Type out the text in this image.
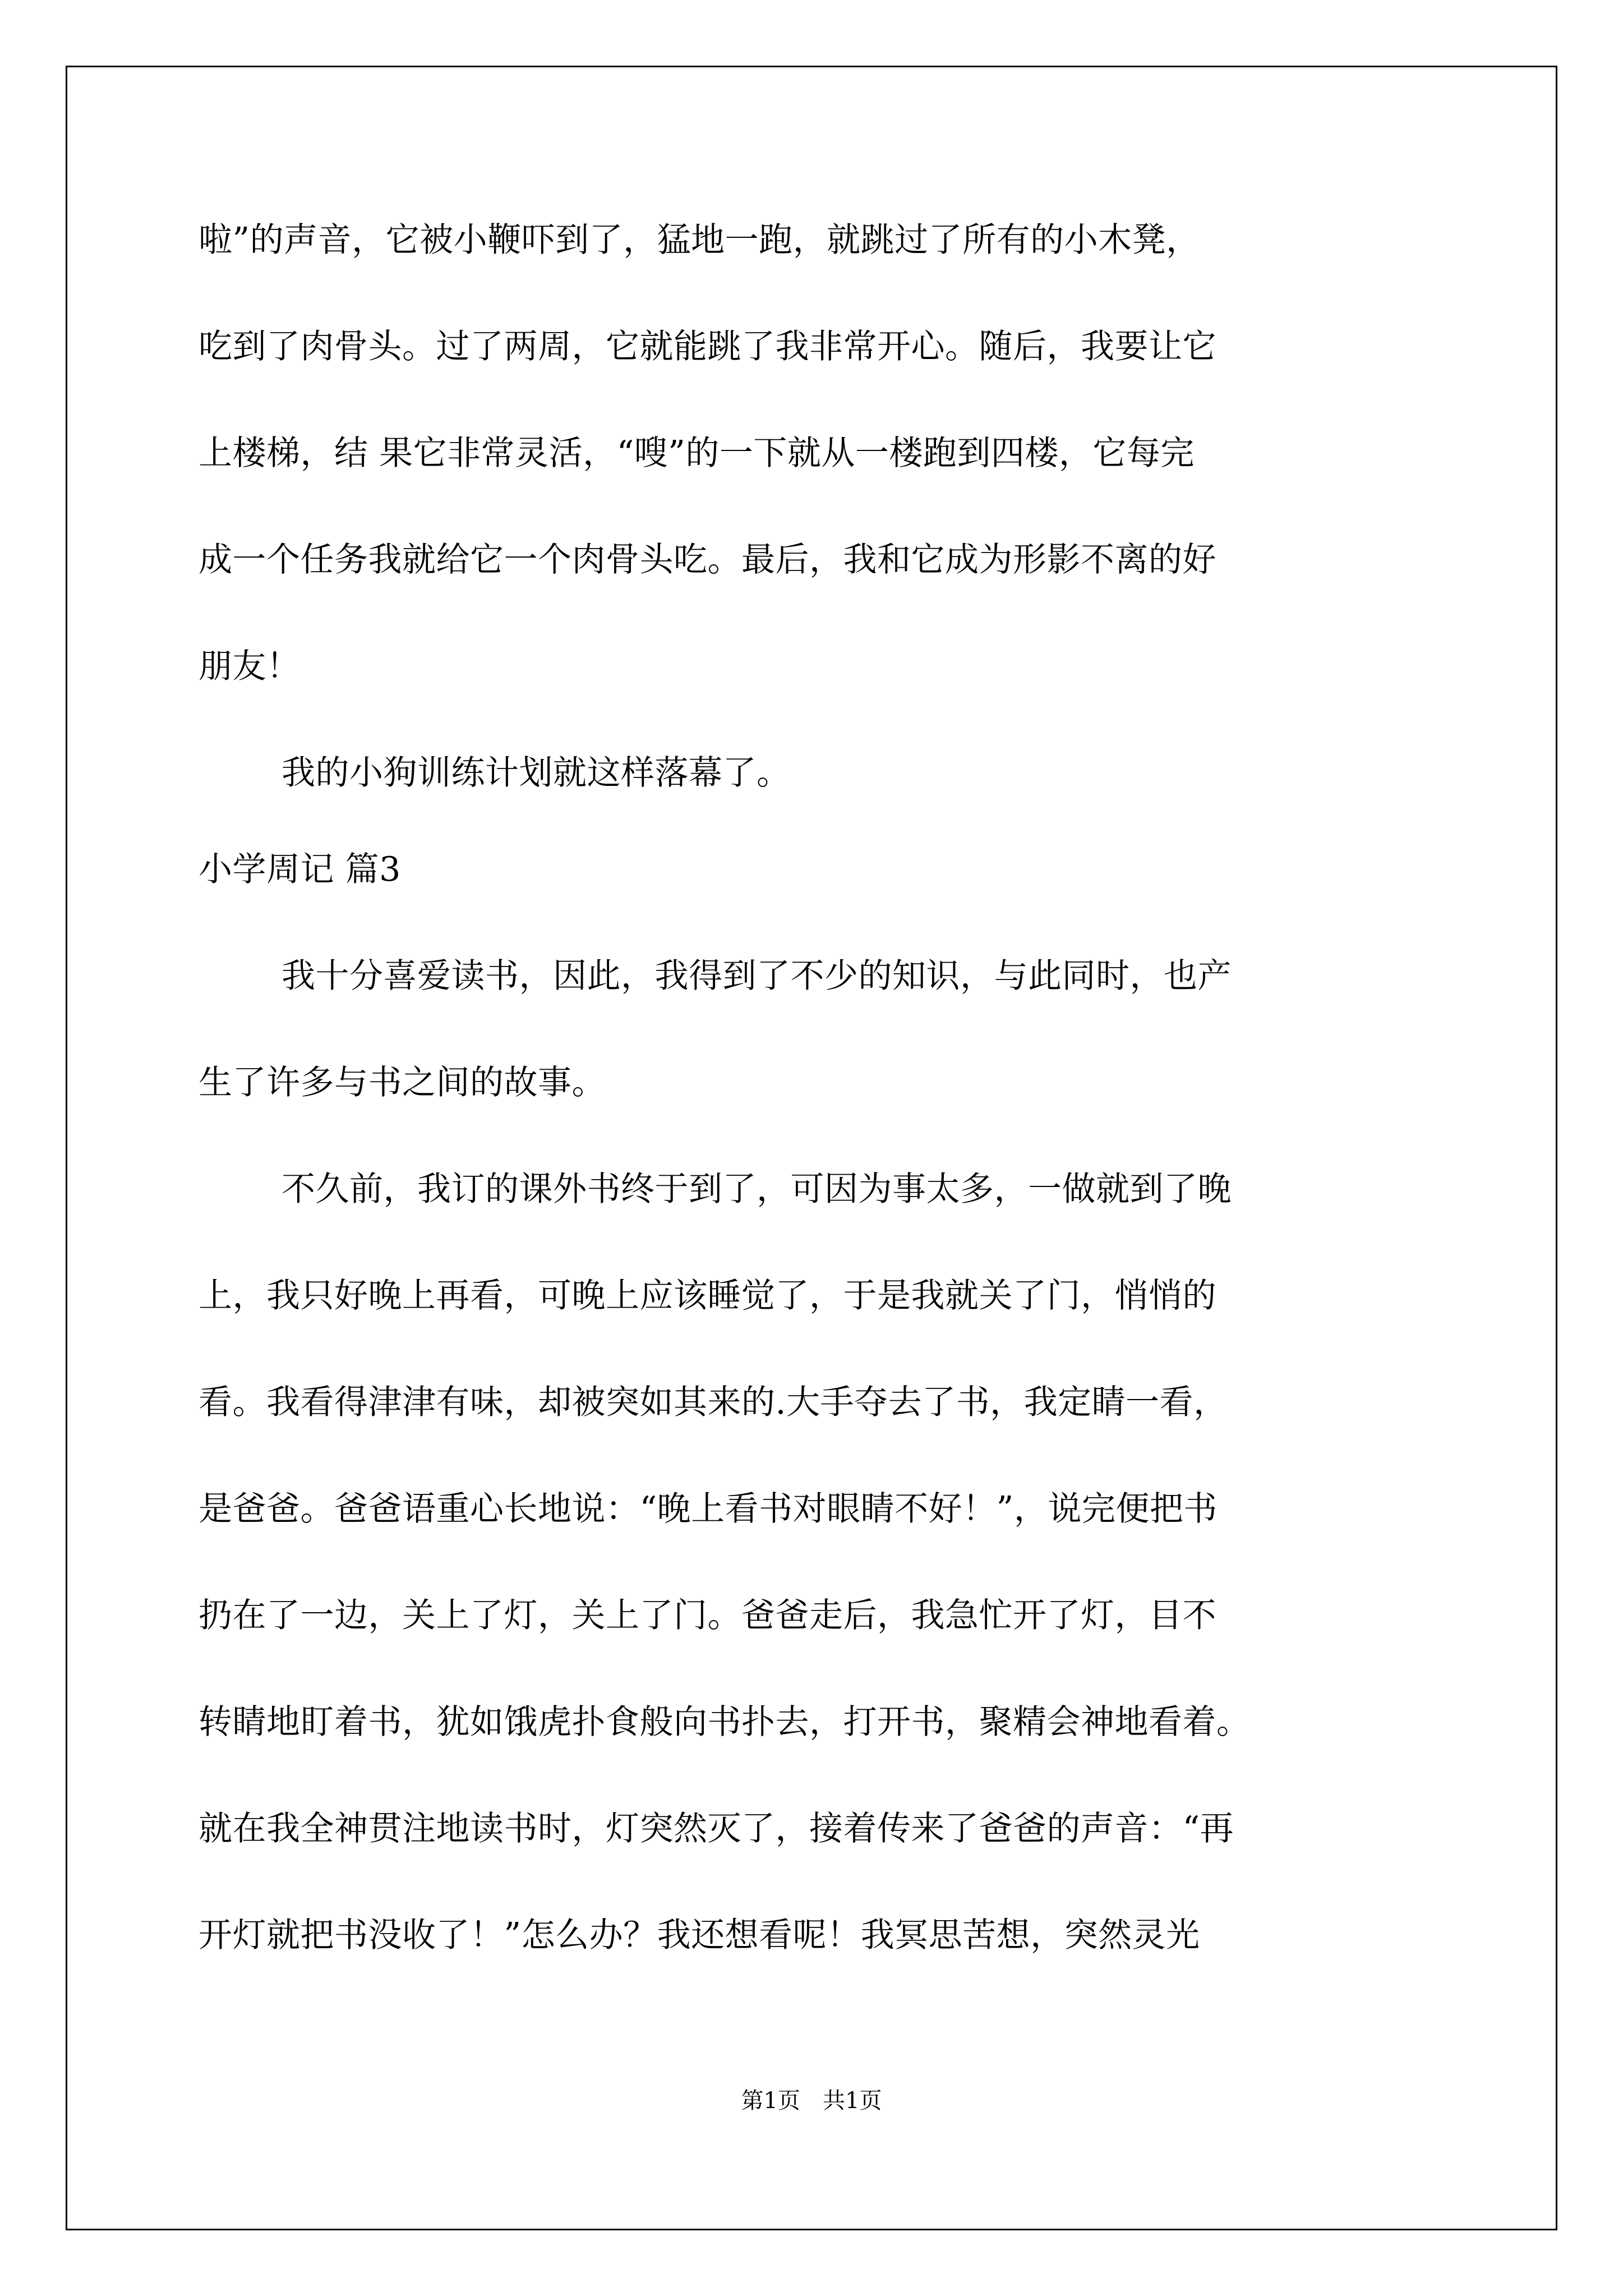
啦”的声音，它被小鞭吓到了，猛地一跑，就跳过了所有的小木凳，
吃到了肉骨头。过了两周，它就能跳了我非常开心。随后，我要让它
上楼梯，结 果它非常灵活，“嗖”的一下就从一楼跑到四楼，它每完
成一个任务我就给它一个肉骨头吃。最后，我和它成为形影不离的好
朋友！
我的小狗训练计划就这样落幕了。
小学周记 篇3
我十分喜爱读书，因此，我得到了不少的知识，与此同时，也产
生了许多与书之间的故事。
不久前，我订的课外书终于到了，可因为事太多，一做就到了晚
上，我只好晚上再看，可晚上应该睡觉了，于是我就关了门，悄悄的
看。我看得津津有味，却被突如其来的.大手夺去了书，我定睛一看，
是爸爸。爸爸语重心长地说：“晚上看书对眼睛不好！”，说完便把书
扔在了一边，关上了灯，关上了门。爸爸走后，我急忙开了灯，目不
转睛地盯着书，犹如饿虎扑食般向书扑去，打开书，聚精会神地看着。
就在我全神贯注地读书时，灯突然灭了，接着传来了爸爸的声音：“再
开灯就把书没收了！”怎么办？我还想看呢！我冥思苦想，突然灵光
第1页 共1页
